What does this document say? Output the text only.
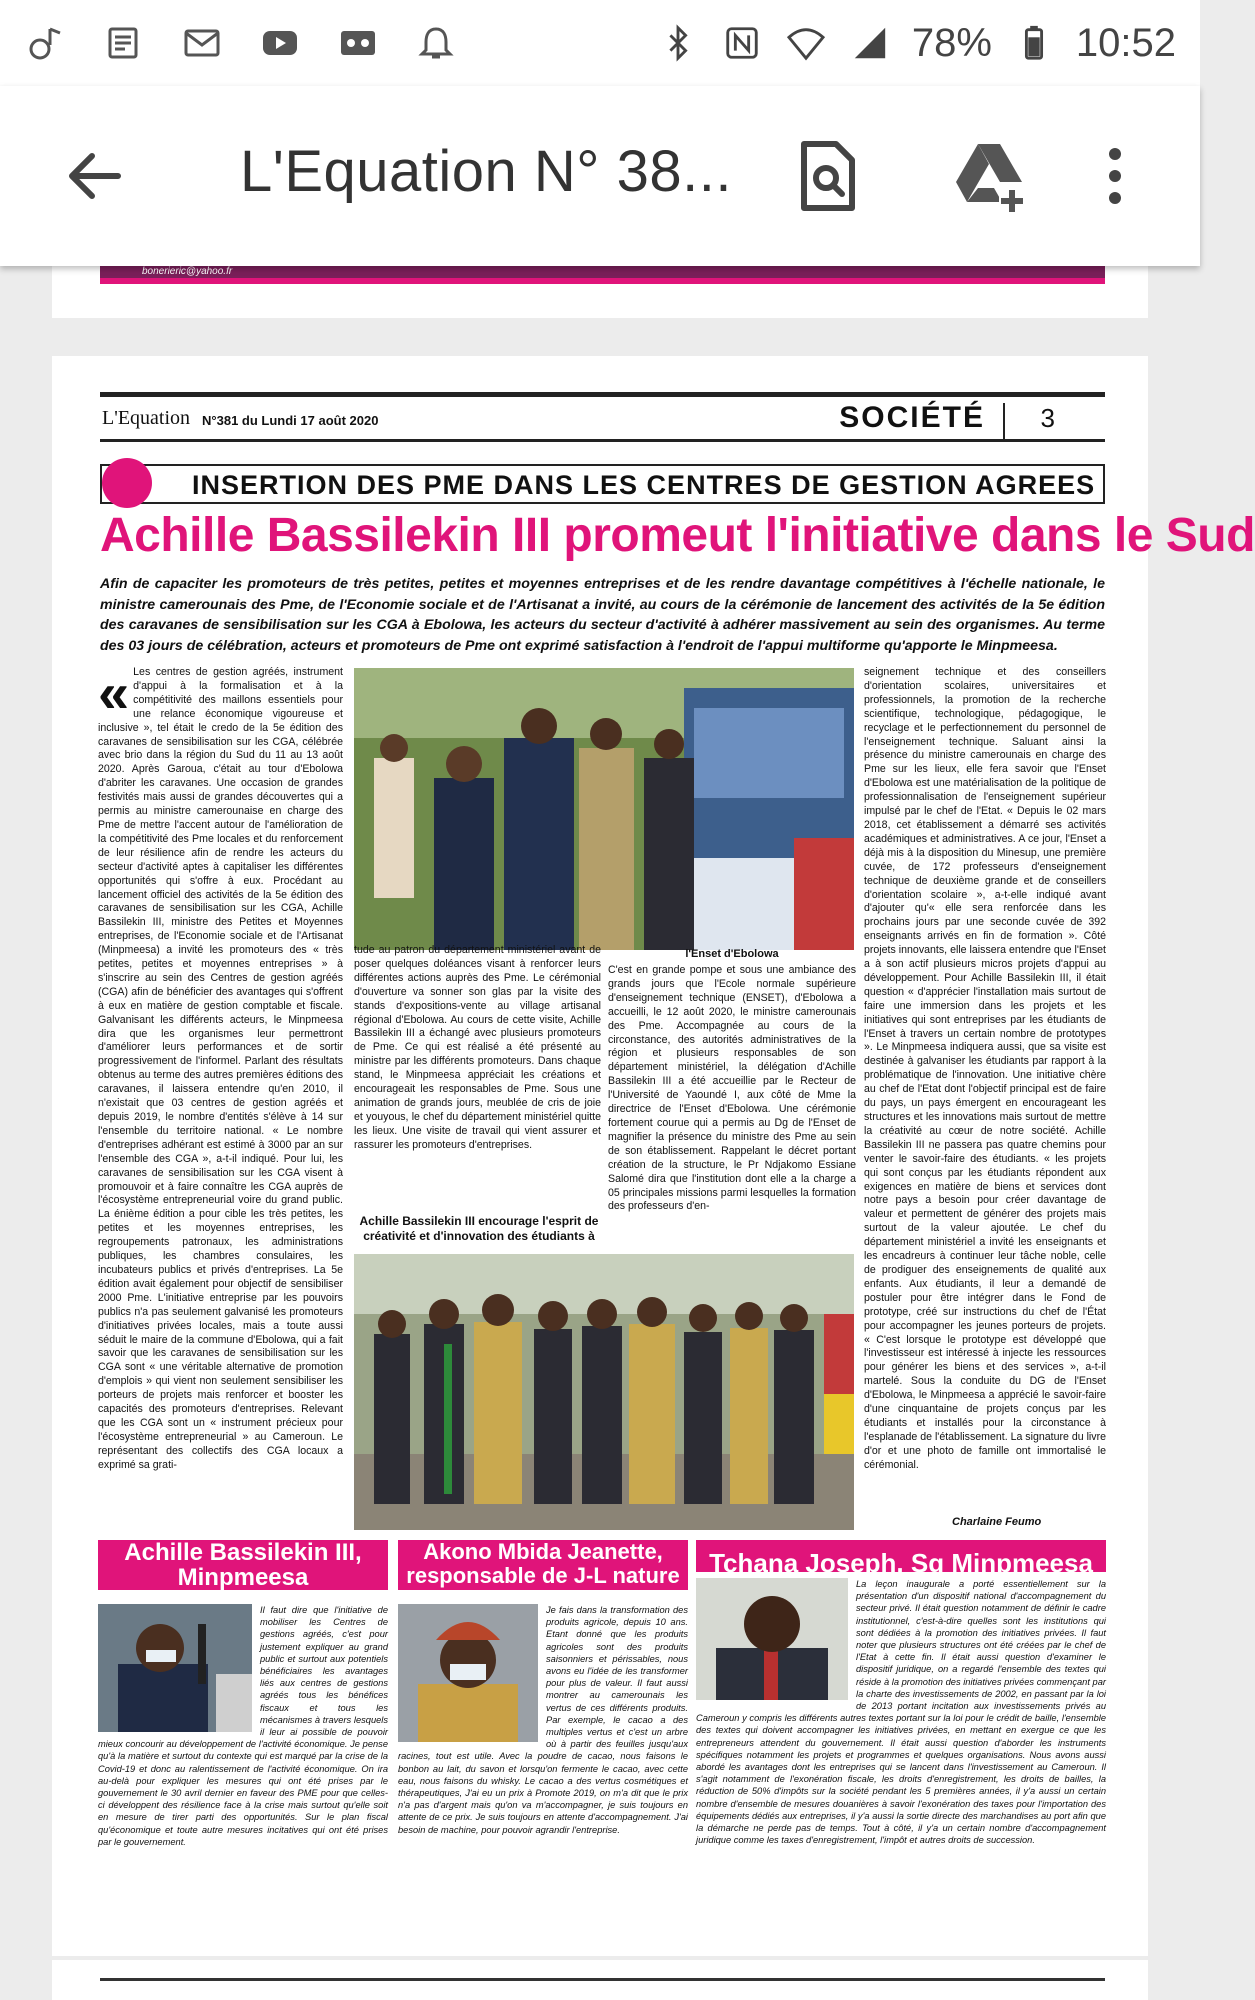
78% 10:52
L'Equation N° 38...
bonerieric@yahoo.fr
L'Equation N°381 du Lundi 17 août 2020	SOCIÉTÉ 3
INSERTION DES PME DANS LES CENTRES DE GESTION AGREES
Achille Bassilekin III promeut l'initiative dans le Sud
Afin de capaciter les promoteurs de très petites, petites et moyennes entreprises et de les rendre davantage compétitives à l'échelle nationale, le ministre camerounais des Pme, de l'Economie sociale et de l'Artisanat a invité, au cours de la cérémonie de lancement des activités de la 5e édition des caravanes de sensibilisation sur les CGA à Ebolowa, les acteurs du secteur d'activité à adhérer massivement au sein des organismes. Au terme des 03 jours de célébration, acteurs et promoteurs de Pme ont exprimé satisfaction à l'endroit de l'appui multiforme qu'apporte le Minpmeesa.
« Les centres de gestion agréés, instrument d'appui à la formalisation et à la compétitivité des maillons essentiels pour une relance économique vigoureuse et inclusive », tel était le credo de la 5e édition des caravanes de sensibilisation sur les CGA, célébrée avec brio dans la région du Sud du 11 au 13 août 2020. Après Garoua, c'était au tour d'Ebolowa d'abriter les caravanes. Une occasion de grandes festivités mais aussi de grandes découvertes qui a permis au ministre camerounaise en charge des Pme de mettre l'accent autour de l'amélioration de la compétitivité des Pme locales et du renforcement de leur résilience afin de rendre les acteurs du secteur d'activité aptes à capitaliser les différentes opportunités qui s'offre à eux. Procédant au lancement officiel des activités de la 5e édition des caravanes de sensibilisation sur les CGA, Achille Bassilekin III, ministre des Petites et Moyennes entreprises, de l'Economie sociale et de l'Artisanat (Minpmeesa) a invité les promoteurs des « très petites, petites et moyennes entreprises » à s'inscrire au sein des Centres de gestion agréés (CGA) afin de bénéficier des avantages qui s'offrent à eux en matière de gestion comptable et fiscale. Galvanisant les différents acteurs, le Minpmeesa dira que les organismes leur permettront d'améliorer leurs performances et de sortir progressivement de l'informel. Parlant des résultats obtenus au terme des autres premières éditions des caravanes, il laissera entendre qu'en 2010, il n'existait que 03 centres de gestion agréés et depuis 2019, le nombre d'entités s'élève à 14 sur l'ensemble du territoire national. « Le nombre d'entreprises adhérant est estimé à 3000 par an sur l'ensemble des CGA », a-t-il indiqué. Pour lui, les caravanes de sensibilisation sur les CGA visent à promouvoir et à faire connaître les CGA auprès de l'écosystème entrepreneurial voire du grand public. La énième édition a pour cible les très petites, les petites et les moyennes entreprises, les regroupements patronaux, les administrations publiques, les chambres consulaires, les incubateurs publics et privés d'entreprises. La 5e édition avait également pour objectif de sensibiliser 2000 Pme. L'initiative entreprise par les pouvoirs publics n'a pas seulement galvanisé les promoteurs d'initiatives privées locales, mais a toute aussi séduit le maire de la commune d'Ebolowa, qui a fait savoir que les caravanes de sensibilisation sur les CGA sont « une véritable alternative de promotion d'emplois » qui vient non seulement sensibiliser les porteurs de projets mais renforcer et booster les capacités des promoteurs d'entreprises. Relevant que les CGA sont un « instrument précieux pour l'écosystème entrepreneurial » au Cameroun. Le représentant des collectifs des CGA locaux a exprimé sa grati-
l'Enset d'Ebolowa
tude au patron du département ministériel avant de poser quelques doléances visant à renforcer leurs différentes actions auprès des Pme. Le cérémonial d'ouverture va sonner son glas par la visite des stands d'expositions-vente au village artisanal régional d'Ebolowa. Au cours de cette visite, Achille Bassilekin III a échangé avec plusieurs promoteurs de Pme. Ce qui est réalisé a été présenté au ministre par les différents promoteurs. Dans chaque stand, le Minpmeesa appréciait les créations et encourageait les responsables de Pme. Sous une animation de grands jours, meublée de cris de joie et youyous, le chef du département ministériel quitte les lieux. Une visite de travail qui vient assurer et rassurer les promoteurs d'entreprises.
Achille Bassilekin III encourage l'esprit de créativité et d'innovation des étudiants à
C'est en grande pompe et sous une ambiance des grands jours que l'Ecole normale supérieure d'enseignement technique (ENSET), d'Ebolowa a accueilli, le 12 août 2020, le ministre camerounais des Pme. Accompagnée au cours de la circonstance, des autorités administratives de la région et plusieurs responsables de son département ministériel, la délégation d'Achille Bassilekin III a été accueillie par le Recteur de l'Université de Yaoundé I, aux côté de Mme la directrice de l'Enset d'Ebolowa. Une cérémonie fortement courue qui a permis au Dg de l'Enset de magnifier la présence du ministre des Pme au sein de son établissement. Rappelant le décret portant création de la structure, le Pr Ndjakomo Essiane Salomé dira que l'institution dont elle a la charge a 05 principales missions parmi lesquelles la formation des professeurs d'en-
seignement technique et des conseillers d'orientation scolaires, universitaires et professionnels, la promotion de la recherche scientifique, technologique, pédagogique, le recyclage et le perfectionnement du personnel de l'enseignement technique. Saluant ainsi la présence du ministre camerounais en charge des Pme sur les lieux, elle fera savoir que l'Enset d'Ebolowa est une matérialisation de la politique de professionnalisation de l'enseignement supérieur impulsé par le chef de l'Etat. « Depuis le 02 mars 2018, cet établissement a démarré ses activités académiques et administratives. A ce jour, l'Enset a déjà mis à la disposition du Minesup, une première cuvée, de 172 professeurs d'enseignement technique de deuxième grande et de conseillers d'orientation scolaire », a-t-elle indiqué avant d'ajouter qu'« elle sera renforcée dans les prochains jours par une seconde cuvée de 392 enseignants arrivés en fin de formation ». Côté projets innovants, elle laissera entendre que l'Enset a à son actif plusieurs micros projets d'appui au développement. Pour Achille Bassilekin III, il était question « d'apprécier l'installation mais surtout de faire une immersion dans les projets et les initiatives qui sont entreprises par les étudiants de l'Enset à travers un certain nombre de prototypes ». Le Minpmeesa indiquera aussi, que sa visite est destinée à galvaniser les étudiants par rapport à la problématique de l'innovation. Une initiative chère au chef de l'Etat dont l'objectif principal est de faire du pays, un pays émergent en encourageant les structures et les innovations mais surtout de mettre la créativité au cœur de notre société. Achille Bassilekin III ne passera pas quatre chemins pour venter le savoir-faire des étudiants. « les projets qui sont conçus par les étudiants répondent aux exigences en matière de biens et services dont notre pays a besoin pour créer davantage de valeur et permettent de générer des projets mais surtout de la valeur ajoutée. Le chef du département ministériel a invité les enseignants et les encadreurs à continuer leur tâche noble, celle de prodiguer des enseignements de qualité aux enfants. Aux étudiants, il leur a demandé de postuler pour être intégrer dans le Fond de prototype, créé sur instructions du chef de l'État pour accompagner les jeunes porteurs de projets. « C'est lorsque le prototype est développé que l'investisseur est intéressé à injecte les ressources pour générer les biens et des services », a-t-il martelé. Sous la conduite du DG de l'Enset d'Ebolowa, le Minpmeesa a apprécié le savoir-faire d'une cinquantaine de projets conçus par les étudiants et installés pour la circonstance à l'esplanade de l'établissement. La signature du livre d'or et une photo de famille ont immortalisé le cérémonial.
Charlaine Feumo
Achille Bassilekin III, Minpmeesa
Akono Mbida Jeanette, responsable de J-L nature	Tchana Joseph, Sg Minpmeesa
Il faut dire que l'initiative de mobiliser les Centres de gestions agréés, c'est pour justement expliquer au grand public et surtout aux potentiels bénéficiaires les avantages liés aux centres de gestions agréés tous les bénéfices fiscaux et tous les mécanismes à travers lesquels il leur ai possible de pouvoir mieux concourir au développement de l'activité économique. Je pense qu'à la matière et surtout du contexte qui est marqué par la crise de la Covid-19 et donc au ralentissement de l'activité économique. On ira au-delà pour expliquer les mesures qui ont été prises par le gouvernement le 30 avril dernier en faveur des PME pour que celles-ci développent des résilience face à la crise mais surtout qu'elle soit en mesure de tirer parti des opportunités. Sur le plan fiscal qu'économique et toute autre mesures incitatives qui ont été prises par le gouvernement.
Je fais dans la transformation des produits agricole, depuis 10 ans. Etant donné que les produits agricoles sont des produits saisonniers et périssables, nous avons eu l'idée de les transformer pour plus de valeur. Il faut aussi montrer au camerounais les vertus de ces différents produits. Par exemple, le cacao a des multiples vertus et c'est un arbre où à partir des feuilles jusqu'aux racines, tout est utile. Avec la poudre de cacao, nous faisons le bonbon au lait, du savon et lorsqu'on fermente le cacao, avec cette eau, nous faisons du whisky. Le cacao a des vertus cosmétiques et thérapeutiques, J'ai eu un prix à Promote 2019, on m'a dit que le prix n'a pas d'argent mais qu'on va m'accompagner, je suis toujours en attente de ce prix. Je suis toujours en attente d'accompagnement. J'ai besoin de machine, pour pouvoir agrandir l'entreprise.
La leçon inaugurale a porté essentiellement sur la présentation d'un dispositif national d'accompagnement du secteur privé. Il était question notamment de définir le cadre institutionnel, c'est-à-dire quelles sont les institutions qui sont dédiées à la promotion des initiatives privées. Il faut noter que plusieurs structures ont été créées par le chef de l'Etat à cette fin. Il était aussi question d'examiner le dispositif juridique, on a regardé l'ensemble des textes qui réside à la promotion des initiatives privées commençant par la charte des investissements de 2002, en passant par la loi de 2013 portant incitation aux investissements privés au Cameroun y compris les différents autres textes portant sur la loi pour le crédit de baille, l'ensemble des textes qui doivent accompagner les initiatives privées, en mettant en exergue ce que les entrepreneurs attendent du gouvernement. Il était aussi question d'aborder les instruments spécifiques notamment les projets et programmes et quelques organisations. Nous avons aussi abordé les avantages dont les entreprises qui se lancent dans l'investissement au Cameroun. Il s'agit notamment de l'exonération fiscale, les droits d'enregistrement, les droits de bailles, la réduction de 50% d'impôts sur la société pendant les 5 premières années, il y'a aussi un certain nombre d'ensemble de mesures douanières à savoir l'exonération des taxes pour l'importation des équipements dédiés aux entreprises, il y'a aussi la sortie directe des marchandises au port afin que la démarche ne perde pas de temps. Tout à côté, il y'a un certain nombre d'accompagnement juridique comme les taxes d'enregistrement, l'impôt et autres droits de succession.
